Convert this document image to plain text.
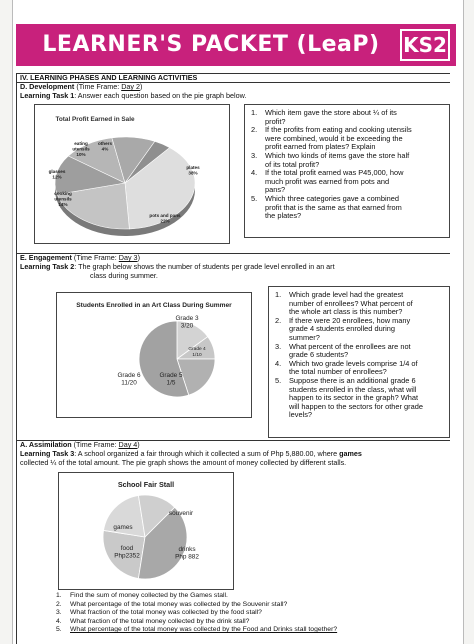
LEARNER'S PACKET (LeaP)	KS2
IV. LEARNING PHASES AND LEARNING ACTIVITIES
D. Development (Time Frame: Day 2)
Learning Task 1: Answer each question based on the pie graph below.
Total Profit Earned in Sale
plates
38%
pots and pans
22%
cooking
utensils
14%
glasses
12%
eating
utensils
10%
others
4%
1. Which item gave the store about ¼ of its
profit?
2. If the profits from eating and cooking utensils
were combined, would it be exceeding the
profit earned from plates? Explain
3. Which two kinds of items gave the store half
of its total profit?
4. If the total profit earned was P45,000, how
much profit was earned from pots and
pans?
5. Which three categories gave a combined
profit that is the same as that earned from
the plates?
E. Engagement (Time Frame: Day 3)
Learning Task 2: The graph below shows the number of students per grade level enrolled in an art
class during summer.
Students Enrolled in an Art Class During Summer
Grade 3
3/20
Grade 4
1/10
Grade 5
1/5
Grade 6
11/20
1. Which grade level had the greatest
number of enrollees? What percent of
the whole art class is this number?
2. If there were 20 enrollees, how many
grade 4 students enrolled during
summer?
3. What percent of the enrollees are not
grade 6 students?
4. Which two grade levels comprise 1/4 of
the total number of enrollees?
5. Suppose there is an additional grade 6
students enrolled in the class, what will
happen to its sector in the graph? What
will happen to the sectors for other grade
levels?
A. Assimilation (Time Frame: Day 4)
Learning Task 3: A school organized a fair through which it collected a sum of Php 5,880.00, where games
collected ¼ of the total amount. The pie graph shows the amount of money collected by different stalls.
School Fair Stall
games
souvenir
drinks
Php 882
food
Php2352
1. Find the sum of money collected by the Games stall.
2. What percentage of the total money was collected by the Souvenir stall?
3. What fraction of the total money was collected by the food stall?
4. What fraction of the total money collected by the drink stall?
5. What percentage of the total money was collected by the Food and Drinks stall together?
